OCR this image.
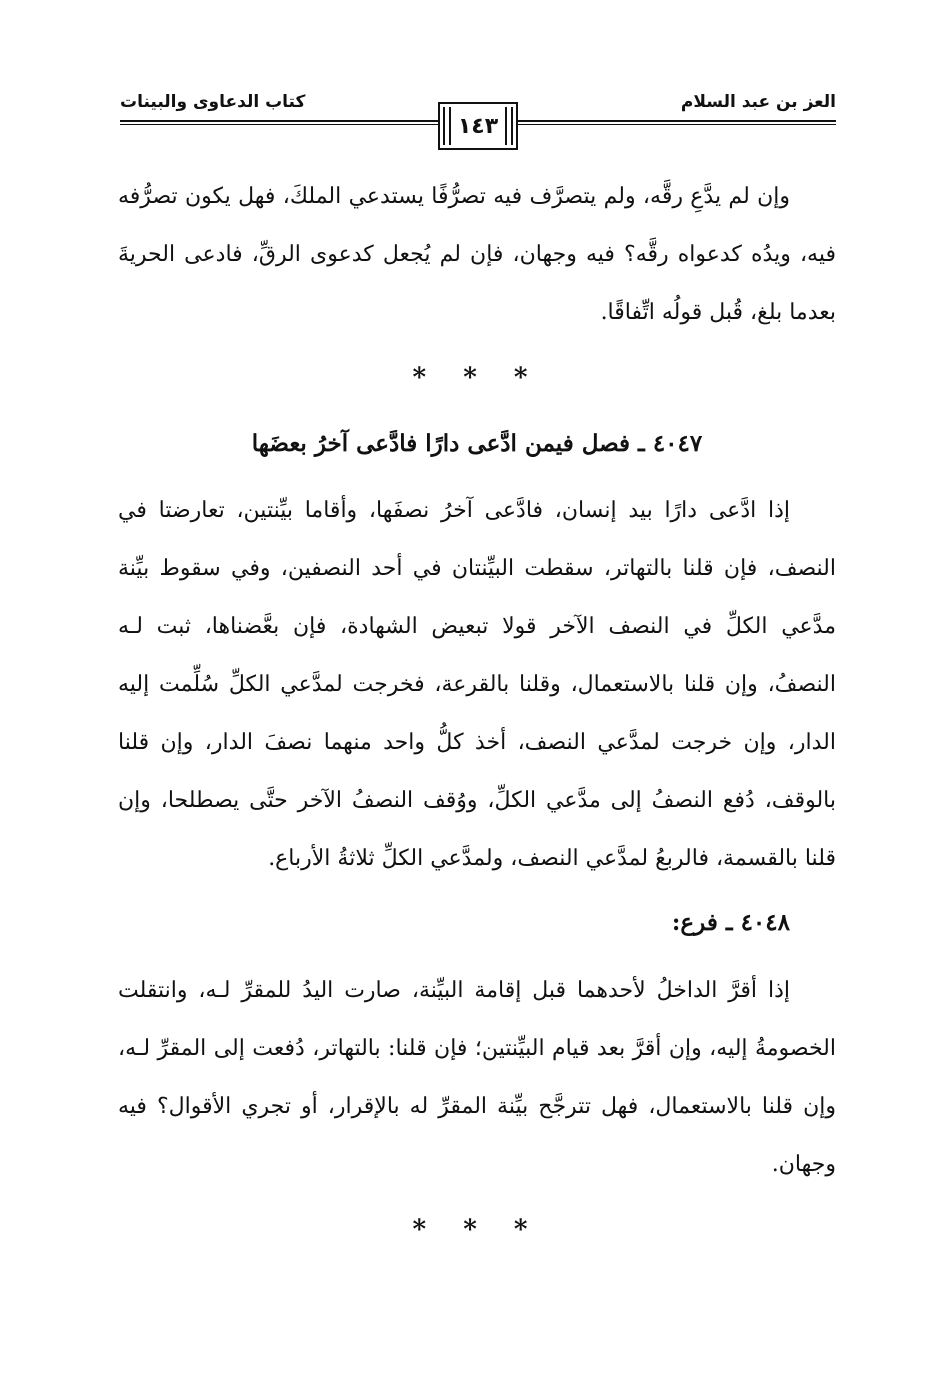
العز بن عبد السلام
كتاب الدعاوى والبينات
١٤٣

وإن لم يدَّعِ رقَّه، ولم يتصرَّف فيه تصرُّفًا يستدعي الملكَ، فهل يكون تصرُّفه فيه، ويدُه كدعواه رقَّه؟ فيه وجهان، فإن لم يُجعل كدعوى الرقِّ، فادعى الحريةَ بعدما بلغ، قُبل قولُه اتِّفاقًا.

* * *
٤٠٤٧ ـ فصل فيمن ادَّعى دارًا فادَّعى آخرُ بعضَها

إذا ادَّعى دارًا بيد إنسان، فادَّعى آخرُ نصفَها، وأقاما بيِّنتين، تعارضتا في النصف، فإن قلنا بالتهاتر، سقطت البيِّنتان في أحد النصفين، وفي سقوط بيِّنة مدَّعي الكلِّ في النصف الآخر قولا تبعيض الشهادة، فإن بعَّضناها، ثبت لـه النصفُ، وإن قلنا بالاستعمال، وقلنا بالقرعة، فخرجت لمدَّعي الكلِّ سُلِّمت إليه الدار، وإن خرجت لمدَّعي النصف، أخذ كلُّ واحد منهما نصفَ الدار، وإن قلنا بالوقف، دُفع النصفُ إلى مدَّعي الكلِّ، ووُقف النصفُ الآخر حتَّى يصطلحا، وإن قلنا بالقسمة، فالربعُ لمدَّعي النصف، ولمدَّعي الكلِّ ثلاثةُ الأرباع.

٤٠٤٨ ـ فرع:

إذا أقرَّ الداخلُ لأحدهما قبل إقامة البيِّنة، صارت اليدُ للمقرِّ لـه، وانتقلت الخصومةُ إليه، وإن أقرَّ بعد قيام البيِّنتين؛ فإن قلنا: بالتهاتر، دُفعت إلى المقرِّ لـه، وإن قلنا بالاستعمال، فهل تترجَّح بيِّنة المقرِّ له بالإقرار، أو تجري الأقوال؟ فيه وجهان.

* * *
